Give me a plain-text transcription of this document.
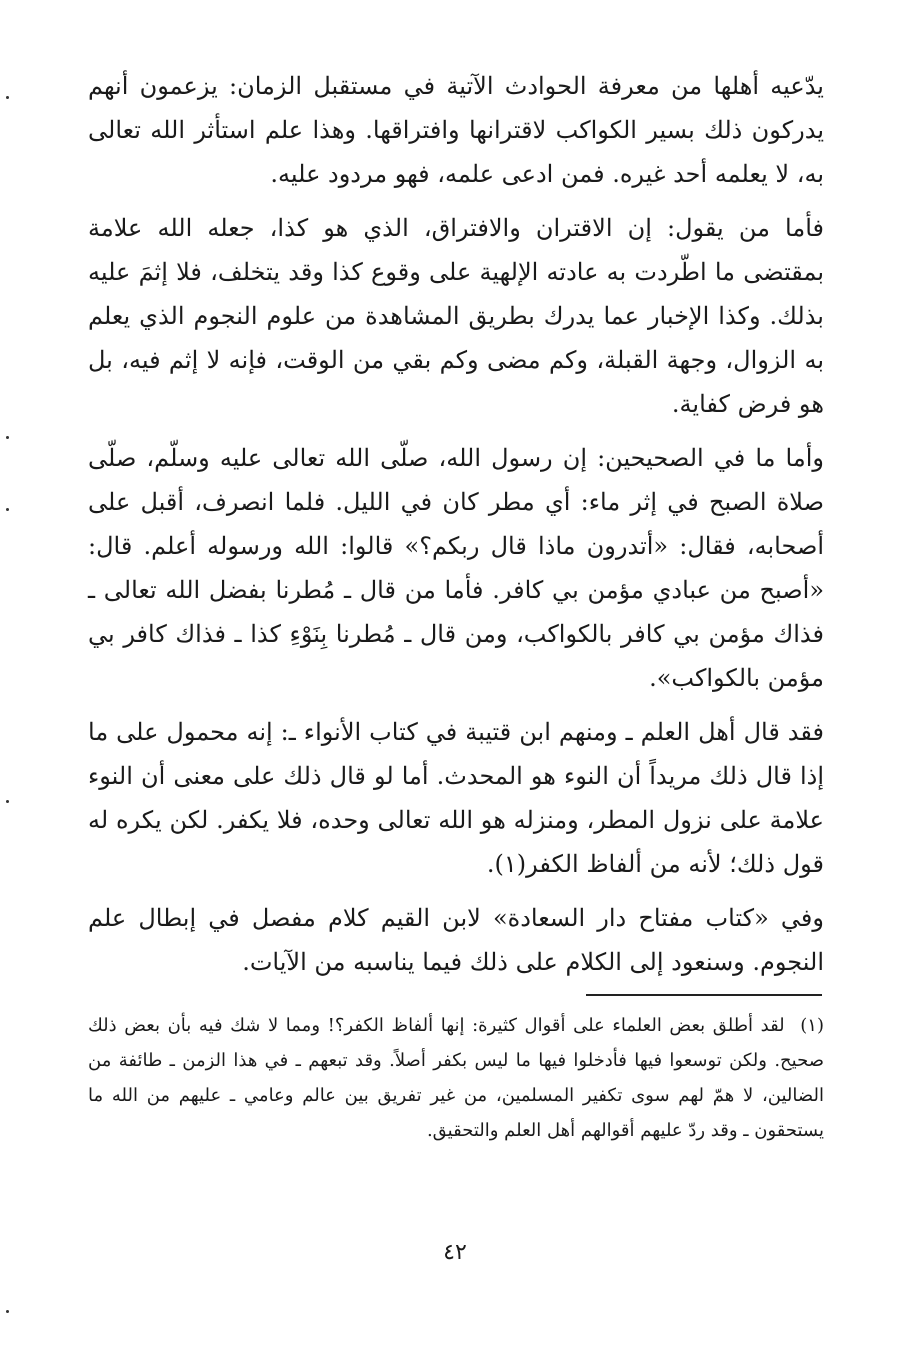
يدّعيه أهلها من معرفة الحوادث الآتية في مستقبل الزمان: يزعمون أنهم يدركون ذلك بسير الكواكب لاقترانها وافتراقها. وهذا علم استأثر الله تعالى به، لا يعلمه أحد غيره. فمن ادعى علمه، فهو مردود عليه.

فأما من يقول: إن الاقتران والافتراق، الذي هو كذا، جعله الله علامة بمقتضى ما اطّردت به عادته الإلهية على وقوع كذا وقد يتخلف، فلا إثمَ عليه بذلك. وكذا الإخبار عما يدرك بطريق المشاهدة من علوم النجوم الذي يعلم به الزوال، وجهة القبلة، وكم مضى وكم بقي من الوقت، فإنه لا إثم فيه، بل هو فرض كفاية.

وأما ما في الصحيحين: إن رسول الله، صلّى الله تعالى عليه وسلّم، صلّى صلاة الصبح في إثر ماء: أي مطر كان في الليل. فلما انصرف، أقبل على أصحابه، فقال: «أتدرون ماذا قال ربكم؟» قالوا: الله ورسوله أعلم. قال: «أصبح من عبادي مؤمن بي كافر. فأما من قال ـ مُطرنا بفضل الله تعالى ـ فذاك مؤمن بي كافر بالكواكب، ومن قال ـ مُطرنا بِنَوْءِ كذا ـ فذاك كافر بي مؤمن بالكواكب».

فقد قال أهل العلم ـ ومنهم ابن قتيبة في كتاب الأنواء ـ: إنه محمول على ما إذا قال ذلك مريداً أن النوء هو المحدث. أما لو قال ذلك على معنى أن النوء علامة على نزول المطر، ومنزله هو الله تعالى وحده، فلا يكفر. لكن يكره له قول ذلك؛ لأنه من ألفاظ الكفر(١).

وفي «كتاب مفتاح دار السعادة» لابن القيم كلام مفصل في إبطال علم النجوم. وسنعود إلى الكلام على ذلك فيما يناسبه من الآيات.

(١) لقد أطلق بعض العلماء على أقوال كثيرة: إنها ألفاظ الكفر؟! ومما لا شك فيه بأن بعض ذلك صحيح. ولكن توسعوا فيها فأدخلوا فيها ما ليس بكفر أصلاً. وقد تبعهم ـ في هذا الزمن ـ طائفة من الضالين، لا همّ لهم سوى تكفير المسلمين، من غير تفريق بين عالم وعامي ـ عليهم من الله ما يستحقون ـ وقد ردّ عليهم أقوالهم أهل العلم والتحقيق.
٤٢
